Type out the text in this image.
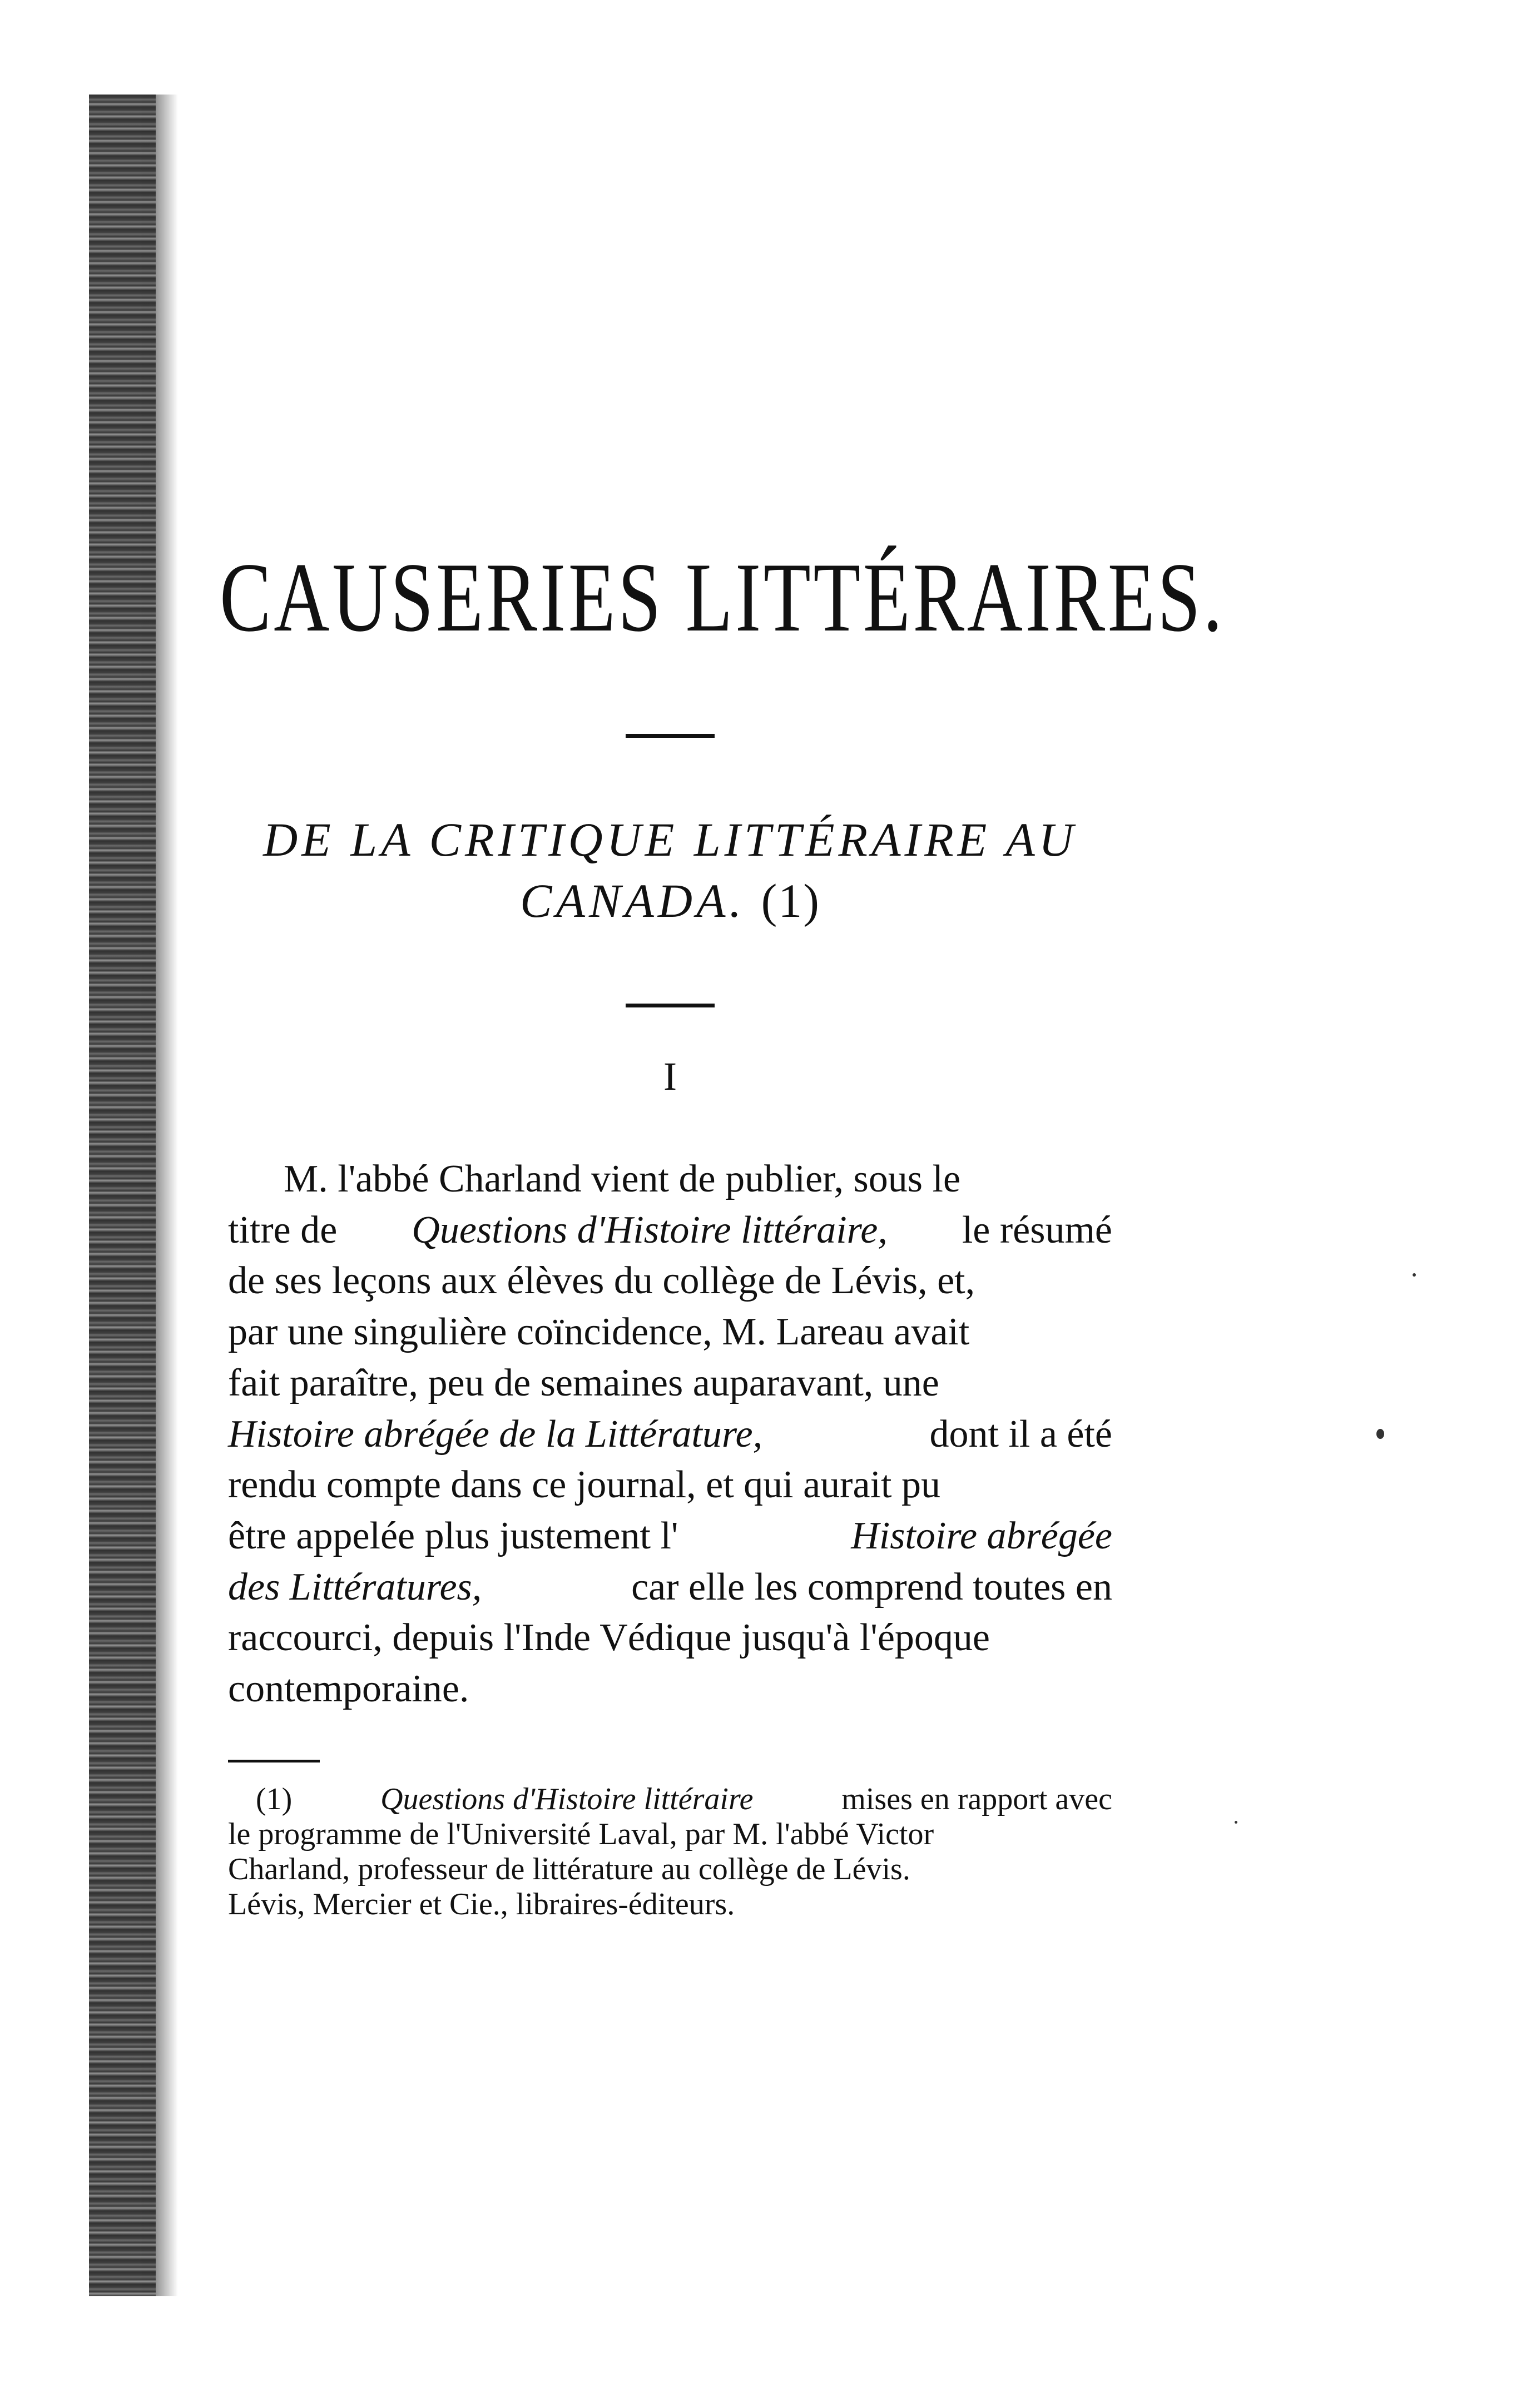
CAUSERIES LITTÉRAIRES.
DE LA CRITIQUE LITTÉRAIRE AU
CANADA. (1)
I
M. l'abbé Charland vient de publier, sous le
titre de Questions d'Histoire littéraire, le résumé
de ses leçons aux élèves du collège de Lévis, et,
par une singulière coïncidence, M. Lareau avait
fait paraître, peu de semaines auparavant, une
Histoire abrégée de la Littérature,	dont il a été
rendu compte dans ce journal, et qui aurait pu
être appelée plus justement l'	Histoire abrégée
des Littératures,	car elle les comprend toutes en
raccourci, depuis l'Inde Védique jusqu'à l'époque
contemporaine.
(1)	Questions d'Histoire littéraire	mises en rapport avec
le programme de l'Université Laval, par M. l'abbé Victor
Charland, professeur de littérature au collège de Lévis.
Lévis, Mercier et Cie., libraires-éditeurs.
